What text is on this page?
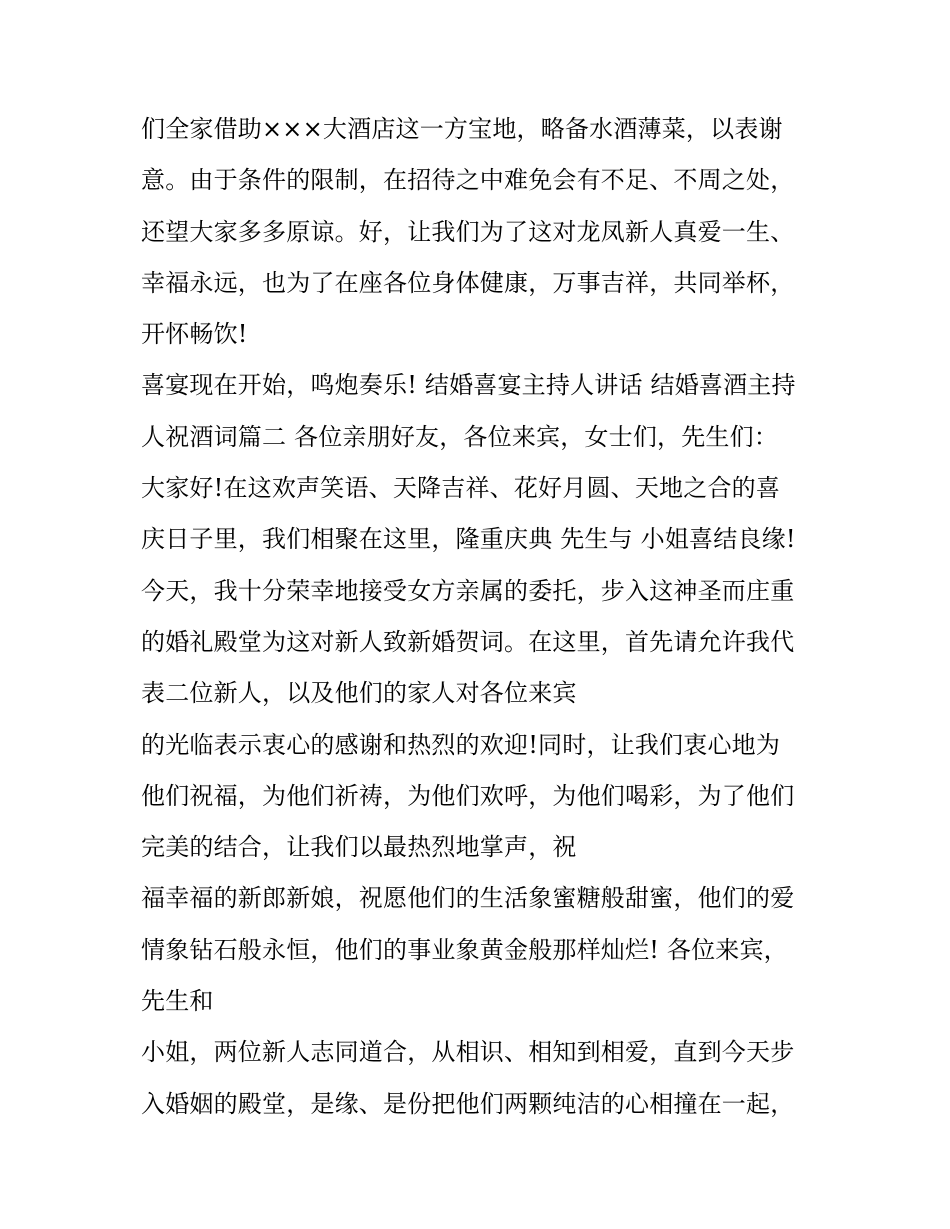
们全家借助×××大酒店这一方宝地，略备水酒薄菜，以表谢
意。由于条件的限制，在招待之中难免会有不足、不周之处，
还望大家多多原谅。好，让我们为了这对龙凤新人真爱一生、
幸福永远，也为了在座各位身体健康，万事吉祥，共同举杯，
开怀畅饮!
喜宴现在开始，鸣炮奏乐! 结婚喜宴主持人讲话 结婚喜酒主持
人祝酒词篇二 各位亲朋好友，各位来宾，女士们，先生们：
大家好!在这欢声笑语、天降吉祥、花好月圆、天地之合的喜
庆日子里，我们相聚在这里，隆重庆典 先生与 小姐喜结良缘!
今天，我十分荣幸地接受女方亲属的委托，步入这神圣而庄重
的婚礼殿堂为这对新人致新婚贺词。在这里，首先请允许我代
表二位新人，以及他们的家人对各位来宾
的光临表示衷心的感谢和热烈的欢迎!同时，让我们衷心地为
他们祝福，为他们祈祷，为他们欢呼，为他们喝彩，为了他们
完美的结合，让我们以最热烈地掌声，祝
福幸福的新郎新娘，祝愿他们的生活象蜜糖般甜蜜，他们的爱
情象钻石般永恒，他们的事业象黄金般那样灿烂! 各位来宾，
先生和
小姐，两位新人志同道合，从相识、相知到相爱，直到今天步
入婚姻的殿堂，是缘、是份把他们两颗纯洁的心相撞在一起，
